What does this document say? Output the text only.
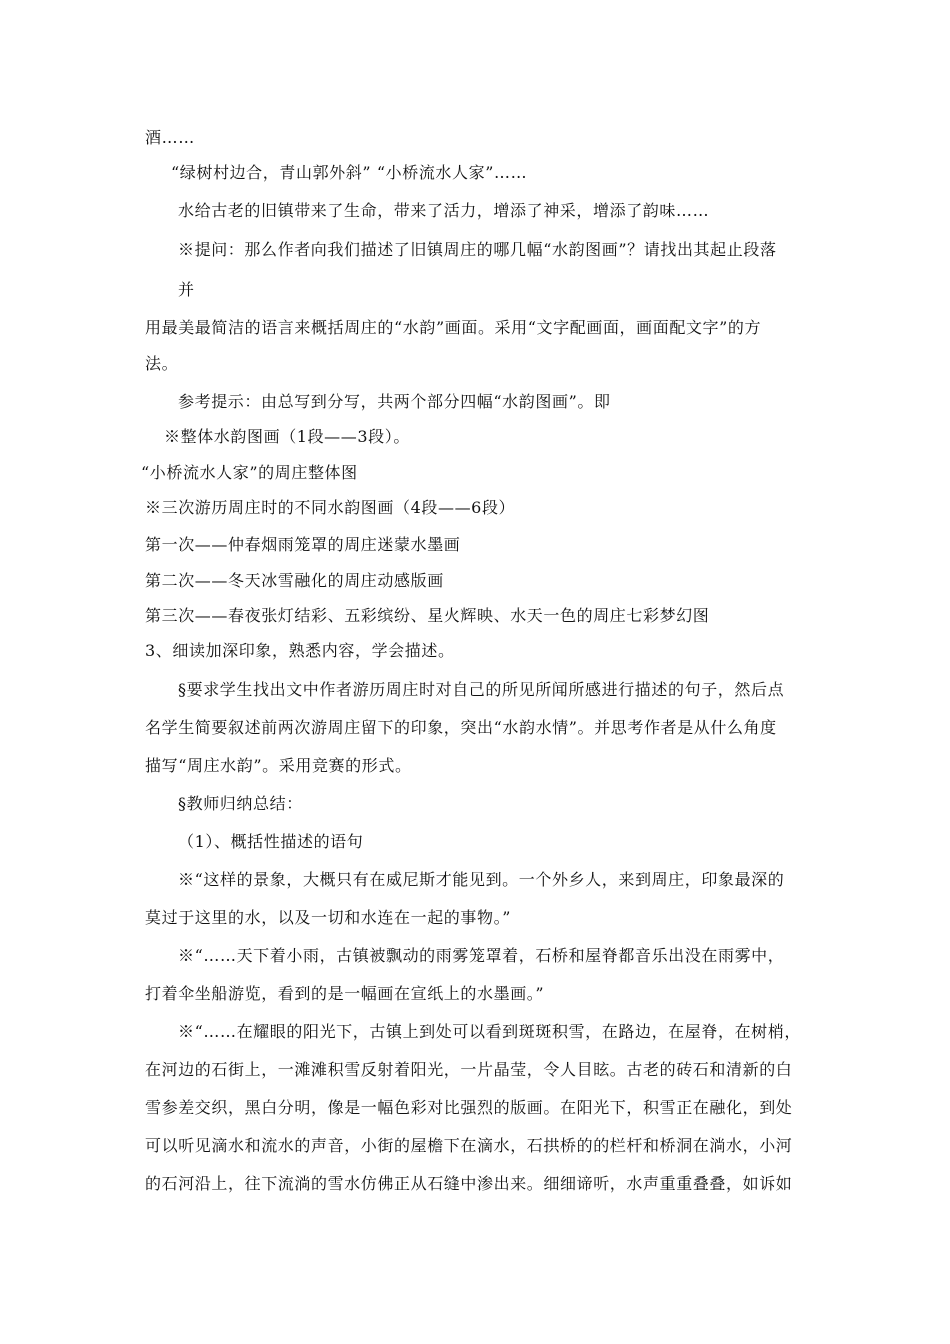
酒……
“绿树村边合，青山郭外斜” “小桥流水人家”……
水给古老的旧镇带来了生命，带来了活力，增添了神采，增添了韵味……
※提问：那么作者向我们描述了旧镇周庄的哪几幅“水韵图画”？请找出其起止段落
并
用最美最简洁的语言来概括周庄的“水韵”画面。采用“文字配画面，画面配文字”的方
法。
参考提示：由总写到分写，共两个部分四幅“水韵图画”。即
※整体水韵图画（1段——3段）。
“小桥流水人家”的周庄整体图
※三次游历周庄时的不同水韵图画（4段——6段）
第一次——仲春烟雨笼罩的周庄迷蒙水墨画
第二次——冬天冰雪融化的周庄动感版画
第三次——春夜张灯结彩、五彩缤纷、星火辉映、水天一色的周庄七彩梦幻图
3、细读加深印象，熟悉内容，学会描述。
§要求学生找出文中作者游历周庄时对自己的所见所闻所感进行描述的句子，然后点
名学生简要叙述前两次游周庄留下的印象，突出“水韵水情”。并思考作者是从什么角度
描写“周庄水韵”。采用竞赛的形式。
§教师归纳总结：
（1）、概括性描述的语句
※“这样的景象，大概只有在威尼斯才能见到。一个外乡人，来到周庄，印象最深的
莫过于这里的水，以及一切和水连在一起的事物。”
※“……天下着小雨，古镇被飘动的雨雾笼罩着，石桥和屋脊都音乐出没在雨雾中，
打着伞坐船游览，看到的是一幅画在宣纸上的水墨画。”
※“……在耀眼的阳光下，古镇上到处可以看到斑斑积雪，在路边，在屋脊，在树梢，
在河边的石街上，一滩滩积雪反射着阳光，一片晶莹，令人目眩。古老的砖石和清新的白
雪参差交织，黑白分明，像是一幅色彩对比强烈的版画。在阳光下，积雪正在融化，到处
可以听见滴水和流水的声音，小街的屋檐下在滴水，石拱桥的的栏杆和桥洞在淌水，小河
的石河沿上，往下流淌的雪水仿佛正从石缝中渗出来。细细谛听，水声重重叠叠，如诉如
